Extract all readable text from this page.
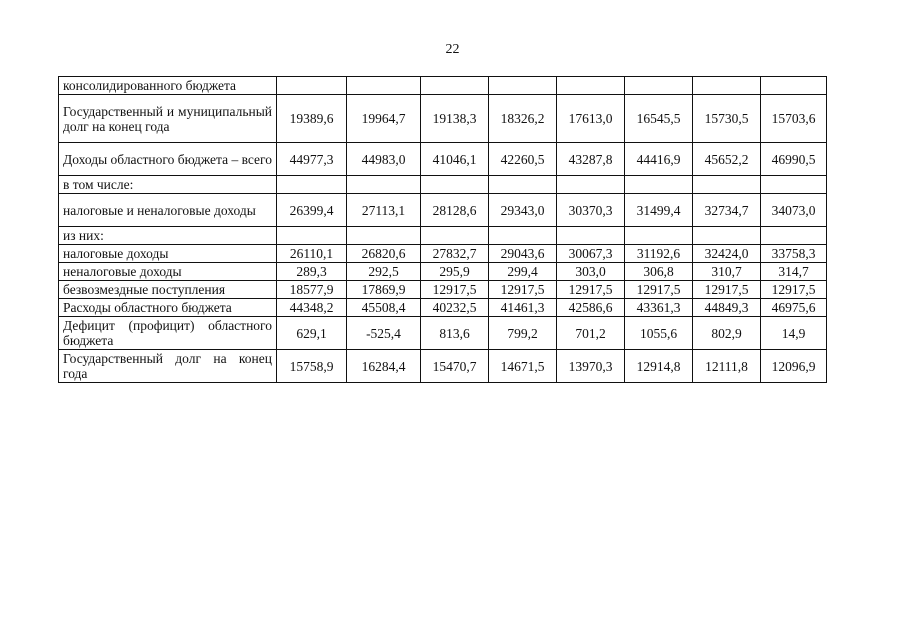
22
консолидированного бюджета								
Государственный и муниципальный долг на конец года	19389,6	19964,7	19138,3	18326,2	17613,0	16545,5	15730,5	15703,6
Доходы областного бюджета – всего	44977,3	44983,0	41046,1	42260,5	43287,8	44416,9	45652,2	46990,5
в том числе:								
налоговые и неналоговые доходы	26399,4	27113,1	28128,6	29343,0	30370,3	31499,4	32734,7	34073,0
из них:								
налоговые доходы	26110,1	26820,6	27832,7	29043,6	30067,3	31192,6	32424,0	33758,3
неналоговые доходы	289,3	292,5	295,9	299,4	303,0	306,8	310,7	314,7
безвозмездные поступления	18577,9	17869,9	12917,5	12917,5	12917,5	12917,5	12917,5	12917,5
Расходы областного бюджета	44348,2	45508,4	40232,5	41461,3	42586,6	43361,3	44849,3	46975,6
Дефицит (профицит) областного бюджета	629,1	-525,4	813,6	799,2	701,2	1055,6	802,9	14,9
Государственный долг на конец года	15758,9	16284,4	15470,7	14671,5	13970,3	12914,8	12111,8	12096,9
